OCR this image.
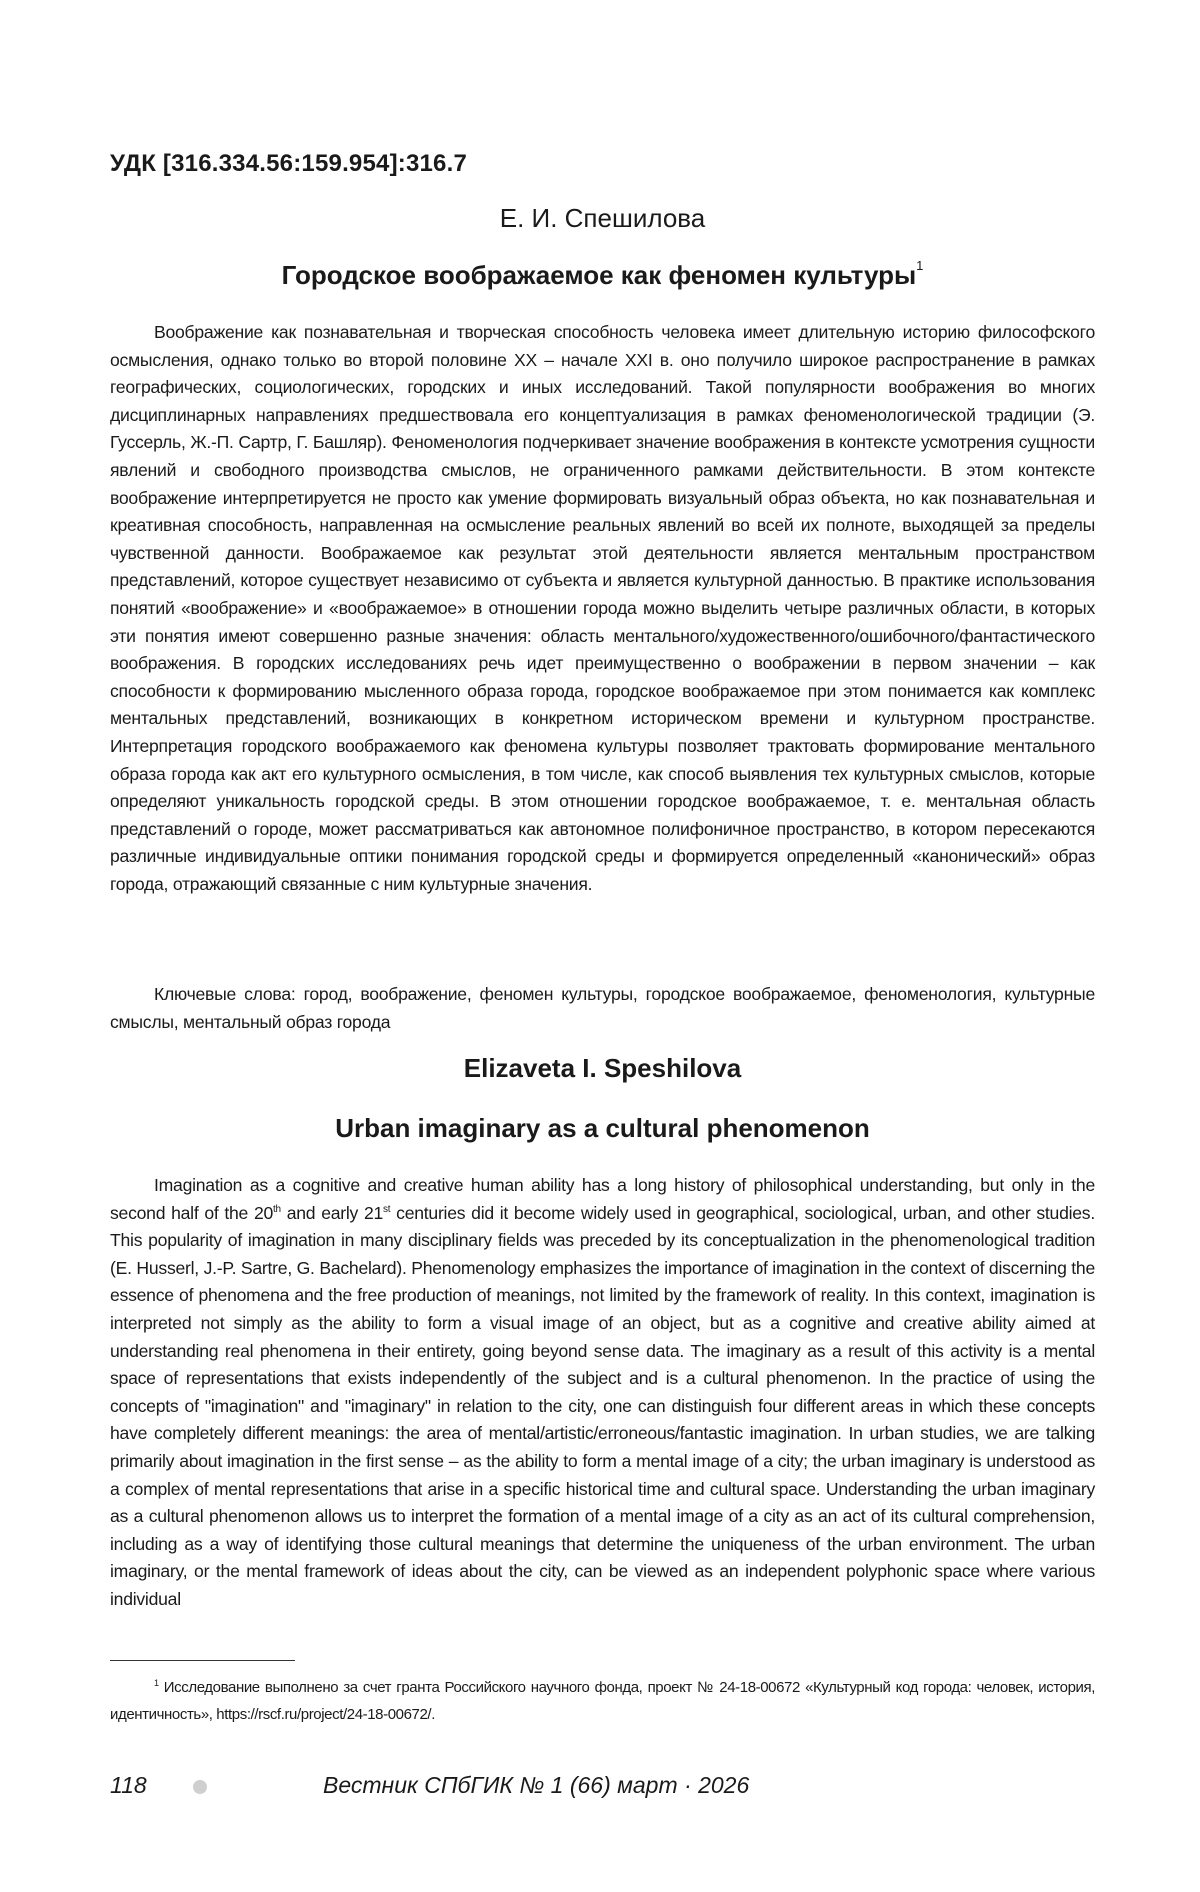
УДК [316.334.56:159.954]:316.7
Е. И. Спешилова
Городское воображаемое как феномен культуры$^1$

Воображение как познавательная и творческая способность человека имеет длительную историю философского осмысления, однако только во второй половине XX – начале XXI в. оно получило широкое распространение в рамках географических, социологических, городских и иных исследований. Такой популярности воображения во многих дисциплинарных направлениях предшествовала его концептуализация в рамках феноменологической традиции (Э. Гуссерль, Ж.-П. Сартр, Г. Башляр). Феноменология подчеркивает значение воображения в контексте усмотрения сущности явлений и свободного производства смыслов, не ограниченного рамками действительности. В этом контексте воображение интерпретируется не просто как умение формировать визуальный образ объекта, но как познавательная и креативная способность, направленная на осмысление реальных явлений во всей их полноте, выходящей за пределы чувственной данности. Воображаемое как результат этой деятельности является ментальным пространством представлений, которое существует независимо от субъекта и является культурной данностью. В практике использования понятий «воображение» и «воображаемое» в отношении города можно выделить четыре различных области, в которых эти понятия имеют совершенно разные значения: область ментального/художественного/ошибочного/фантастического воображения. В городских исследованиях речь идет преимущественно о воображении в первом значении – как способности к формированию мысленного образа города, городское воображаемое при этом понимается как комплекс ментальных представлений, возникающих в конкретном историческом времени и культурном пространстве. Интерпретация городского воображаемого как феномена культуры позволяет трактовать формирование ментального образа города как акт его культурного осмысления, в том числе, как способ выявления тех культурных смыслов, которые определяют уникальность городской среды. В этом отношении городское воображаемое, т. е. ментальная область представлений о городе, может рассматриваться как автономное полифоничное пространство, в котором пересекаются различные индивидуальные оптики понимания городской среды и формируется определенный «канонический» образ города, отражающий связанные с ним культурные значения.

Ключевые слова: город, воображение, феномен культуры, городское воображаемое, феноменология, культурные смыслы, ментальный образ города

Elizaveta I. Speshilova
Urban imaginary as a cultural phenomenon

Imagination as a cognitive and creative human ability has a long history of philosophical understanding, but only in the second half of the 20th and early 21st centuries did it become widely used in geographical, sociological, urban, and other studies. This popularity of imagination in many disciplinary fields was preceded by its conceptualization in the phenomenological tradition (E. Husserl, J.-P. Sartre, G. Bachelard). Phenomenology emphasizes the importance of imagination in the context of discerning the essence of phenomena and the free production of meanings, not limited by the framework of reality. In this context, imagination is interpreted not simply as the ability to form a visual image of an object, but as a cognitive and creative ability aimed at understanding real phenomena in their entirety, going beyond sense data. The imaginary as a result of this activity is a mental space of representations that exists independently of the subject and is a cultural phenomenon. In the practice of using the concepts of "imagination" and "imaginary" in relation to the city, one can distinguish four different areas in which these concepts have completely different meanings: the area of mental/artistic/erroneous/fantastic imagination. In urban studies, we are talking primarily about imagination in the first sense – as the ability to form a mental image of a city; the urban imaginary is understood as a complex of mental representations that arise in a specific historical time and cultural space. Understanding the urban imaginary as a cultural phenomenon allows us to interpret the formation of a mental image of a city as an act of its cultural comprehension, including as a way of identifying those cultural meanings that determine the uniqueness of the urban environment. The urban imaginary, or the mental framework of ideas about the city, can be viewed as an independent polyphonic space where various individual

$^1$ Исследование выполнено за счет гранта Российского научного фонда, проект № 24-18-00672 «Культурный код города: человек, история, идентичность», https://rscf.ru/project/24-18-00672/.

118	Вестник СПбГИК № 1 (66) март · 2026
